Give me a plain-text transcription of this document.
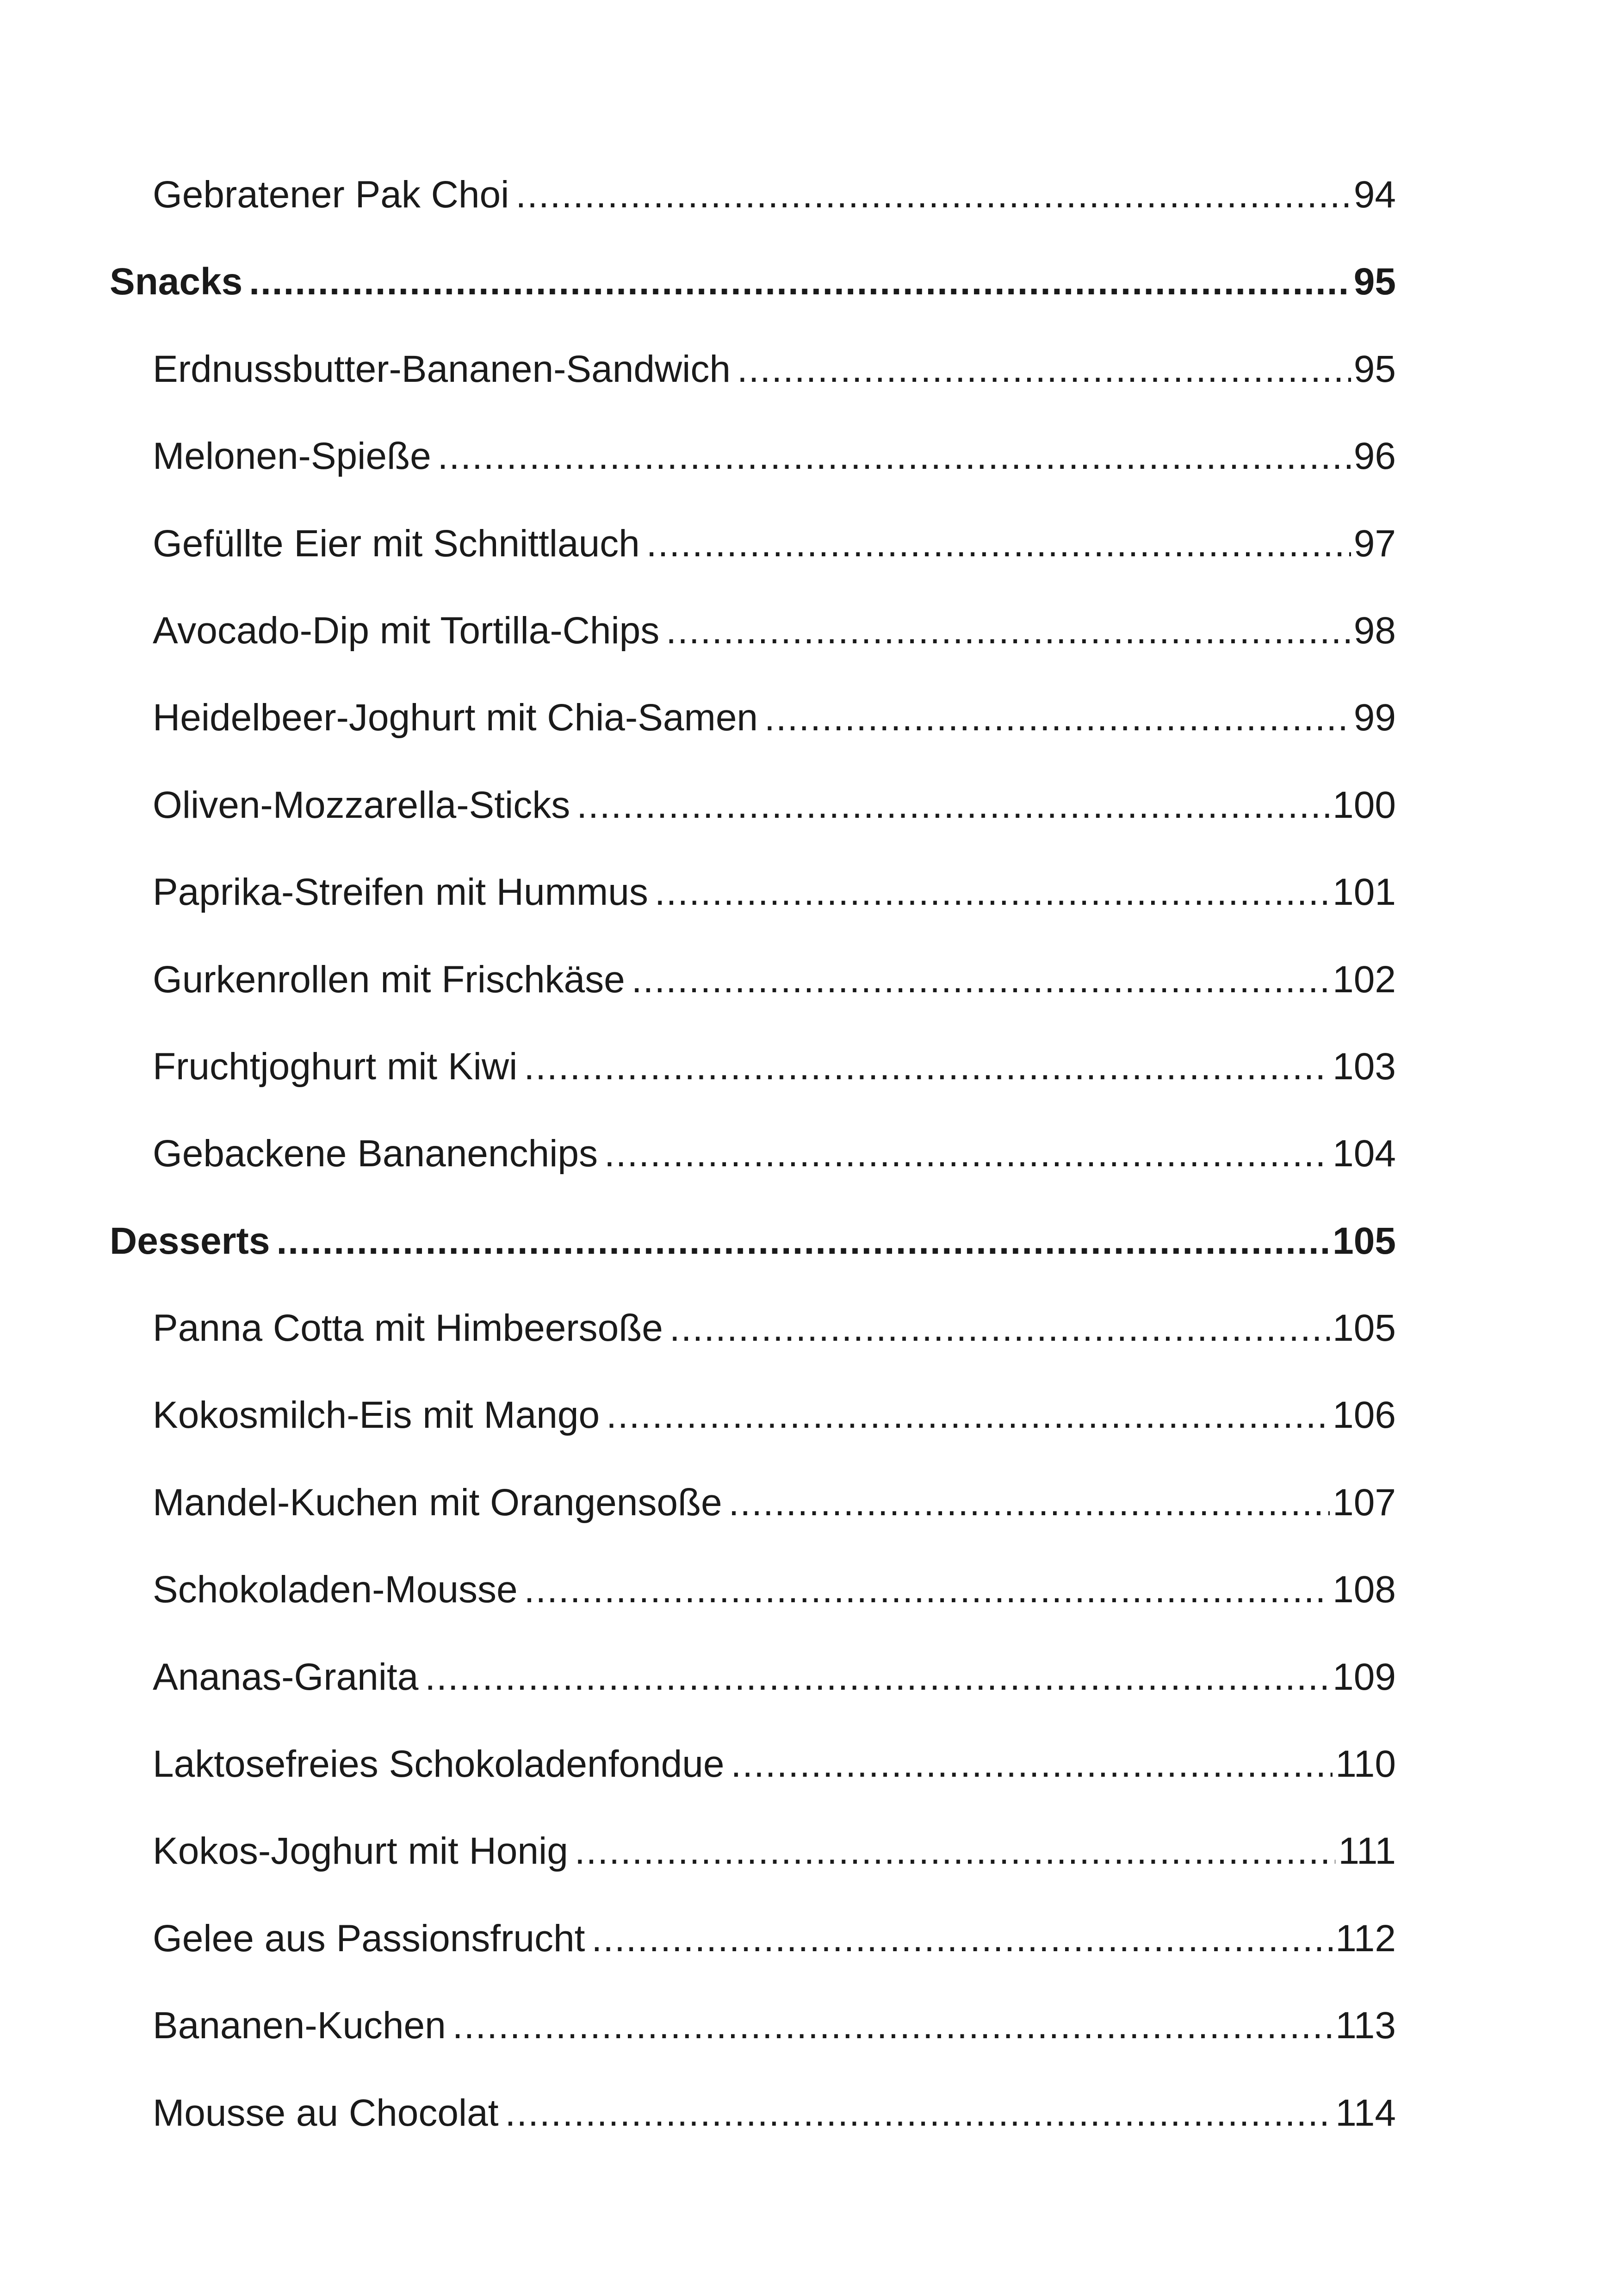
Gebratener Pak Choi .....	94
Snacks .....	95
Erdnussbutter-Bananen-Sandwich .....	95
Melonen-Spieße .....	96
Gefüllte Eier mit Schnittlauch .....	97
Avocado-Dip mit Tortilla-Chips .....	98
Heidelbeer-Joghurt mit Chia-Samen .....	99
Oliven-Mozzarella-Sticks .....	100
Paprika-Streifen mit Hummus .....	101
Gurkenrollen mit Frischkäse .....	102
Fruchtjoghurt mit Kiwi .....	103
Gebackene Bananenchips .....	104
Desserts .....	105
Panna Cotta mit Himbeersoße .....	105
Kokosmilch-Eis mit Mango .....	106
Mandel-Kuchen mit Orangensoße .....	107
Schokoladen-Mousse .....	108
Ananas-Granita .....	109
Laktosefreies Schokoladenfondue .....	110
Kokos-Joghurt mit Honig .....	111
Gelee aus Passionsfrucht .....	112
Bananen-Kuchen .....	113
Mousse au Chocolat .....	114
